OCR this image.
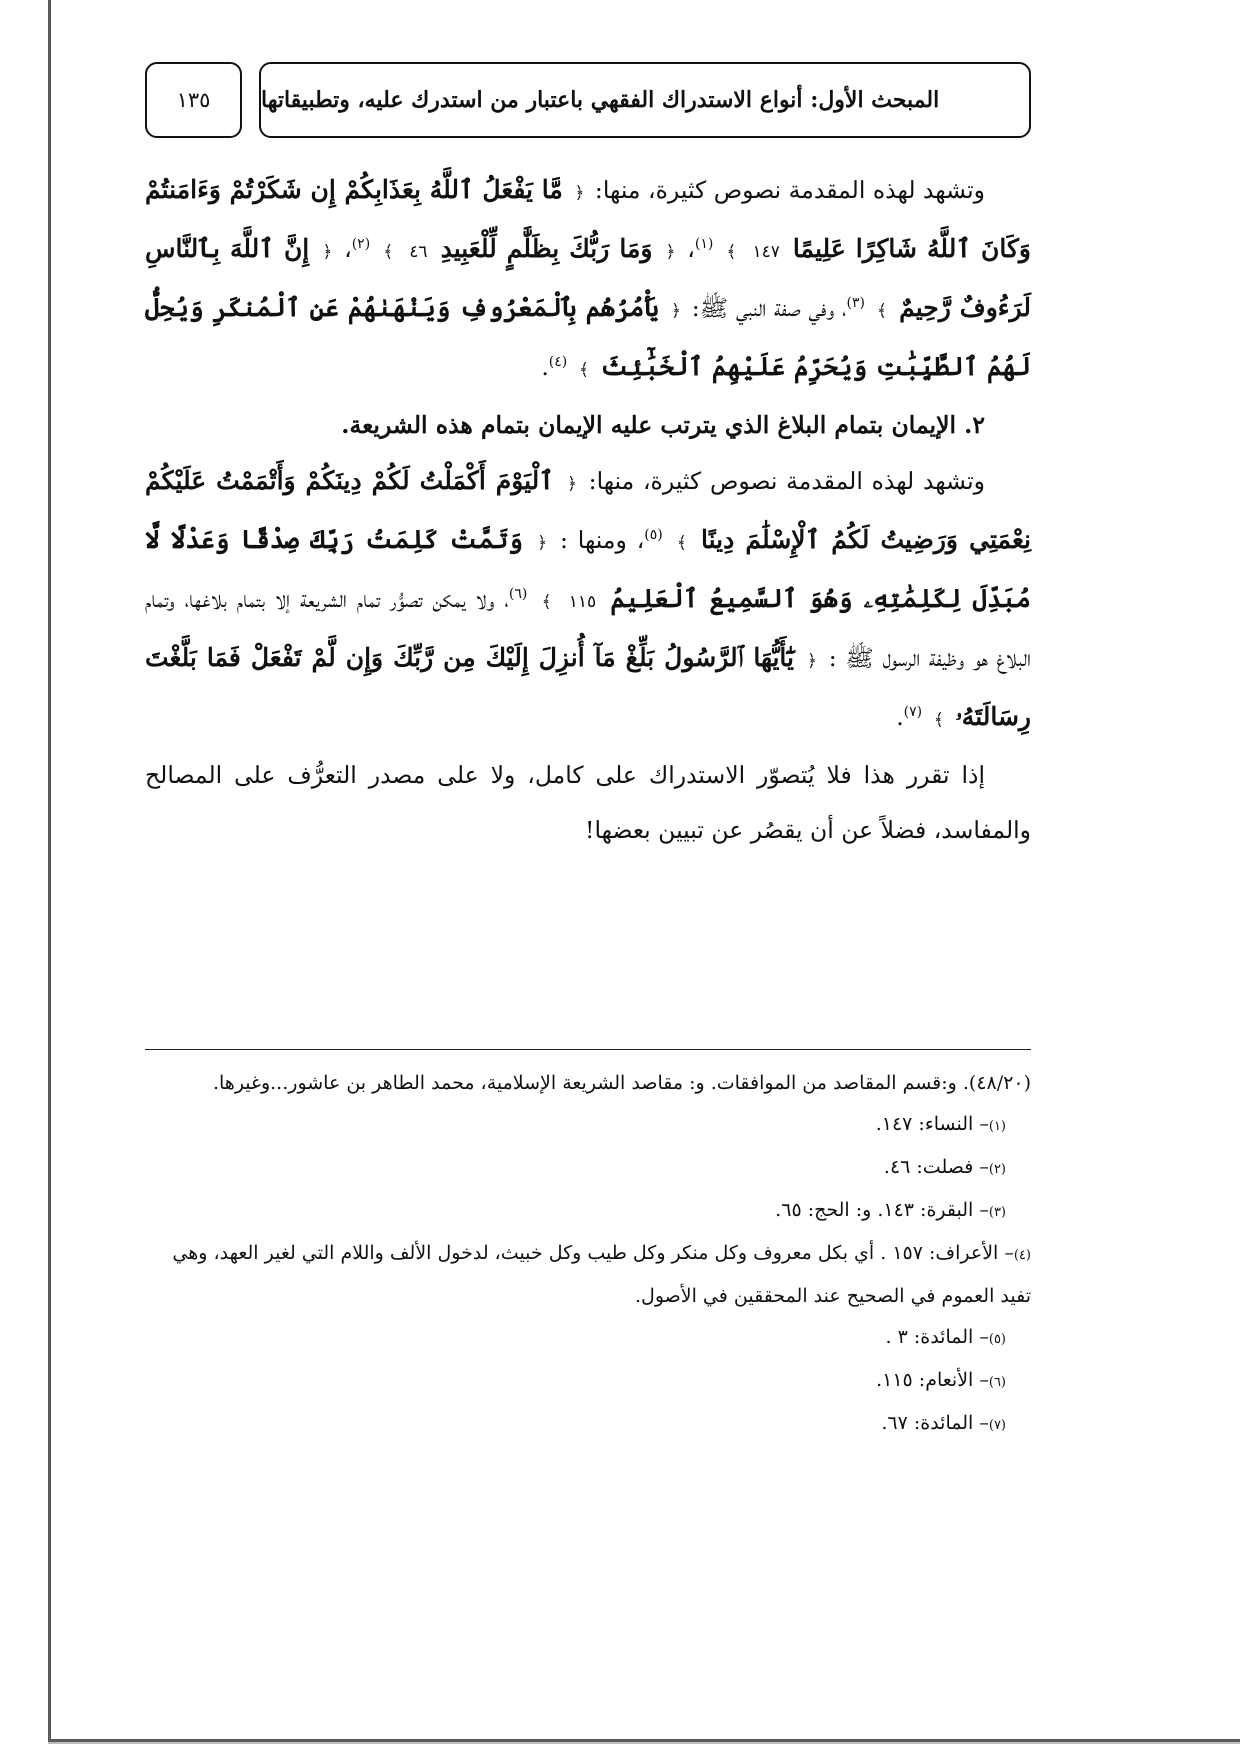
١٣٥ المبحث الأول: أنواع الاستدراك الفقهي باعتبار من استدرك عليه، وتطبيقاتها

وتشهد لهذه المقدمة نصوص كثيرة، منها: ﴿ مَّا يَفْعَلُ ٱللَّهُ بِعَذَابِكُمْ إِن شَكَرْتُمْ وَءَامَنتُمْ وَكَانَ ٱللَّهُ شَاكِرًا عَلِيمًا ١٤٧ ﴾ $^{(١)}$، ﴿ وَمَا رَبُّكَ بِظَلَّٰمٍ لِّلْعَبِيدِ ٤٦ ﴾ $^{(٢)}$، ﴿ إِنَّ ٱللَّهَ بِٱلنَّاسِ لَرَءُوفٌ رَّحِيمٌ ﴾ $^{(٣)}$، وفي صفة النبي ﷺ: ﴿ يَأْمُرُهُم بِٱلْمَعْرُوفِ وَيَنْهَىٰهُمْ عَنِ ٱلْمُنكَرِ وَيُحِلُّ لَهُمُ ٱلطَّيِّبَٰتِ وَيُحَرِّمُ عَلَيْهِمُ ٱلْخَبَٰٓئِثَ ﴾ $^{(٤)}$.

٢. الإيمان بتمام البلاغ الذي يترتب عليه الإيمان بتمام هذه الشريعة.

وتشهد لهذه المقدمة نصوص كثيرة، منها: ﴿ ٱلْيَوْمَ أَكْمَلْتُ لَكُمْ دِينَكُمْ وَأَتْمَمْتُ عَلَيْكُمْ نِعْمَتِي وَرَضِيتُ لَكُمُ ٱلْإِسْلَٰمَ دِينًا ﴾ $^{(٥)}$، ومنها : ﴿ وَتَمَّتْ كَلِمَتُ رَبِّكَ صِدْقًا وَعَدْلًا لَّا مُبَدِّلَ لِكَلِمَٰتِهِۦ وَهُوَ ٱلسَّمِيعُ ٱلْعَلِيمُ ١١٥ ﴾ $^{(٦)}$، ولا يمكن تصوُّر تمام الشريعة إلا بتمام بلاغها، وتمام البلاغ هو وظيفة الرسول ﷺ : ﴿ يَٰٓأَيُّهَا ٱلرَّسُولُ بَلِّغْ مَآ أُنزِلَ إِلَيْكَ مِن رَّبِّكَ وَإِن لَّمْ تَفْعَلْ فَمَا بَلَّغْتَ رِسَالَتَهُۥ ﴾ $^{(٧)}$.

إذا تقرر هذا فلا يُتصوّر الاستدراك على كامل، ولا على مصدر التعرُّف على المصالح والمفاسد، فضلاً عن أن يقصُر عن تبيين بعضها!

(٤٨/٢٠). و:قسم المقاصد من الموافقات. و: مقاصد الشريعة الإسلامية، محمد الطاهر بن عاشور...وغيرها.

(١)– النساء: ١٤٧.

(٢)– فصلت: ٤٦.

(٣)– البقرة: ١٤٣. و: الحج: ٦٥.

(٤)– الأعراف: ١٥٧ . أي بكل معروف وكل منكر وكل طيب وكل خبيث، لدخول الألف واللام التي لغير العهد، وهي تفيد العموم في الصحيح عند المحققين في الأصول.

(٥)– المائدة: ٣ .

(٦)– الأنعام: ١١٥.

(٧)– المائدة: ٦٧.
